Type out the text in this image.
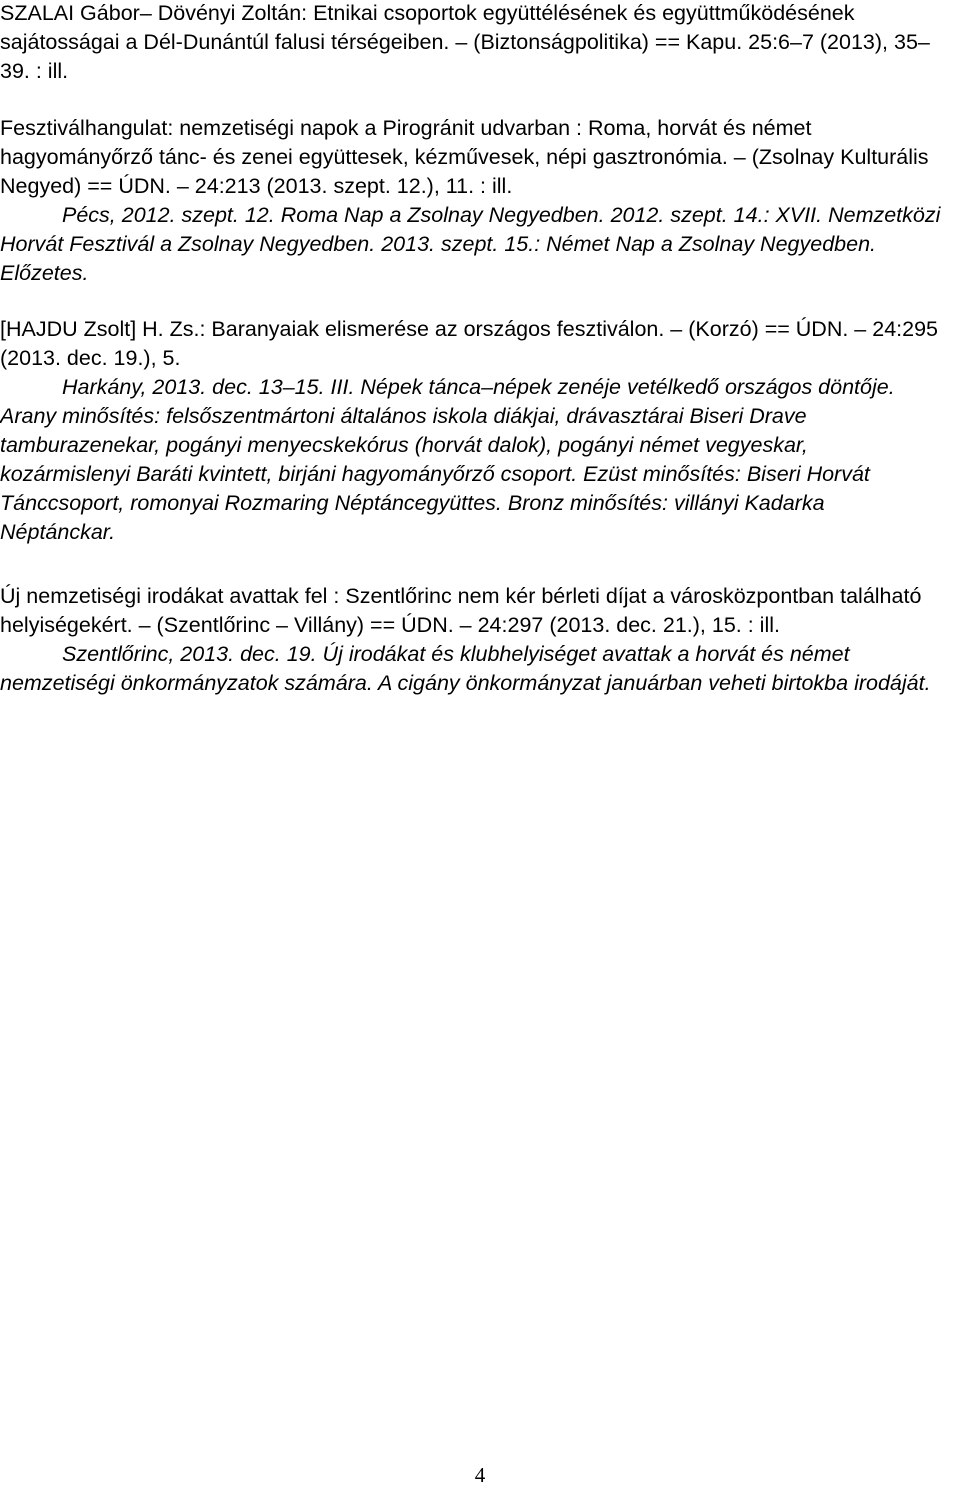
SZALAI Gábor– Dövényi Zoltán: Etnikai csoportok együttélésének és együttműködésének sajátosságai a Dél-Dunántúl falusi térségeiben. – (Biztonságpolitika) == Kapu. 25:6–7 (2013), 35–39. : ill.

Fesztiválhangulat: nemzetiségi napok a Pirogránit udvarban : Roma, horvát és német hagyományőrző tánc- és zenei együttesek, kézművesek, népi gasztronómia. – (Zsolnay Kulturális Negyed) == ÚDN. – 24:213 (2013. szept. 12.), 11. : ill.
Pécs, 2012. szept. 12. Roma Nap a Zsolnay Negyedben. 2012. szept. 14.: XVII. Nemzetközi Horvát Fesztivál a Zsolnay Negyedben. 2013. szept. 15.: Német Nap a Zsolnay Negyedben. Előzetes.

[HAJDU Zsolt] H. Zs.: Baranyaiak elismerése az országos fesztiválon. – (Korzó) == ÚDN. – 24:295 (2013. dec. 19.), 5.
Harkány, 2013. dec. 13–15. III. Népek tánca–népek zenéje vetélkedő országos döntője. Arany minősítés: felsőszentmártoni általános iskola diákjai, drávasztárai Biseri Drave tamburazenekar, pogányi menyecskekórus (horvát dalok), pogányi német vegyeskar, kozármislenyi Baráti kvintett, birjáni hagyományőrző csoport. Ezüst minősítés: Biseri Horvát Tánccsoport, romonyai Rozmaring Néptáncegyüttes. Bronz minősítés: villányi Kadarka Néptánckar.

Új nemzetiségi irodákat avattak fel : Szentlőrinc nem kér bérleti díjat a városközpontban található helyiségekért. – (Szentlőrinc – Villány) == ÚDN. – 24:297 (2013. dec. 21.), 15. : ill.
Szentlőrinc, 2013. dec. 19. Új irodákat és klubhelyiséget avattak a horvát és német nemzetiségi önkormányzatok számára. A cigány önkormányzat januárban veheti birtokba irodáját.

4
